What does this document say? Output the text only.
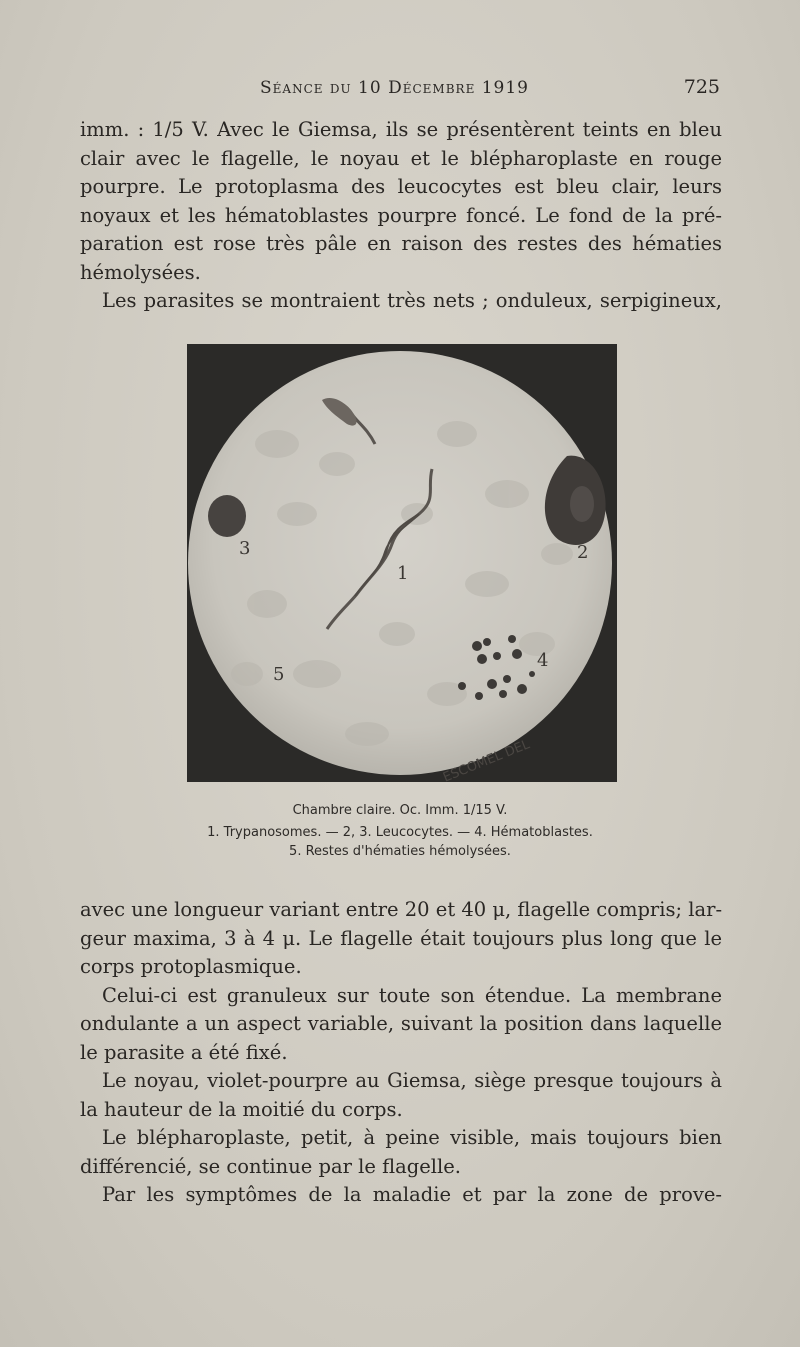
Séance du 10 Décembre 1919	725
imm. : 1/5 V. Avec le Giemsa, ils se présentèrent teints en bleu
clair avec le flagelle, le noyau et le blépharoplaste en rouge
pourpre. Le protoplasma des leucocytes est bleu clair, leurs
noyaux et les hématoblastes pourpre foncé. Le fond de la pré-
paration est rose très pâle en raison des restes des hématies
hémolysées.
Les parasites se montraient très nets ; onduleux, serpigineux,
1
2
3
4
5
ESCOMEL DEL
Chambre claire. Oc. Imm. 1/15 V.
1. Trypanosomes. — 2, 3. Leucocytes. — 4. Hématoblastes.
5. Restes d'hématies hémolysées.
avec une longueur variant entre 20 et 40 μ, flagelle compris; lar-
geur maxima, 3 à 4 μ. Le flagelle était toujours plus long que le
corps protoplasmique.
Celui-ci est granuleux sur toute son étendue. La membrane
ondulante a un aspect variable, suivant la position dans laquelle
le parasite a été fixé.
Le noyau, violet-pourpre au Giemsa, siège presque toujours à
la hauteur de la moitié du corps.
Le blépharoplaste, petit, à peine visible, mais toujours bien
différencié, se continue par le flagelle.
Par les symptômes de la maladie et par la zone de prove-
